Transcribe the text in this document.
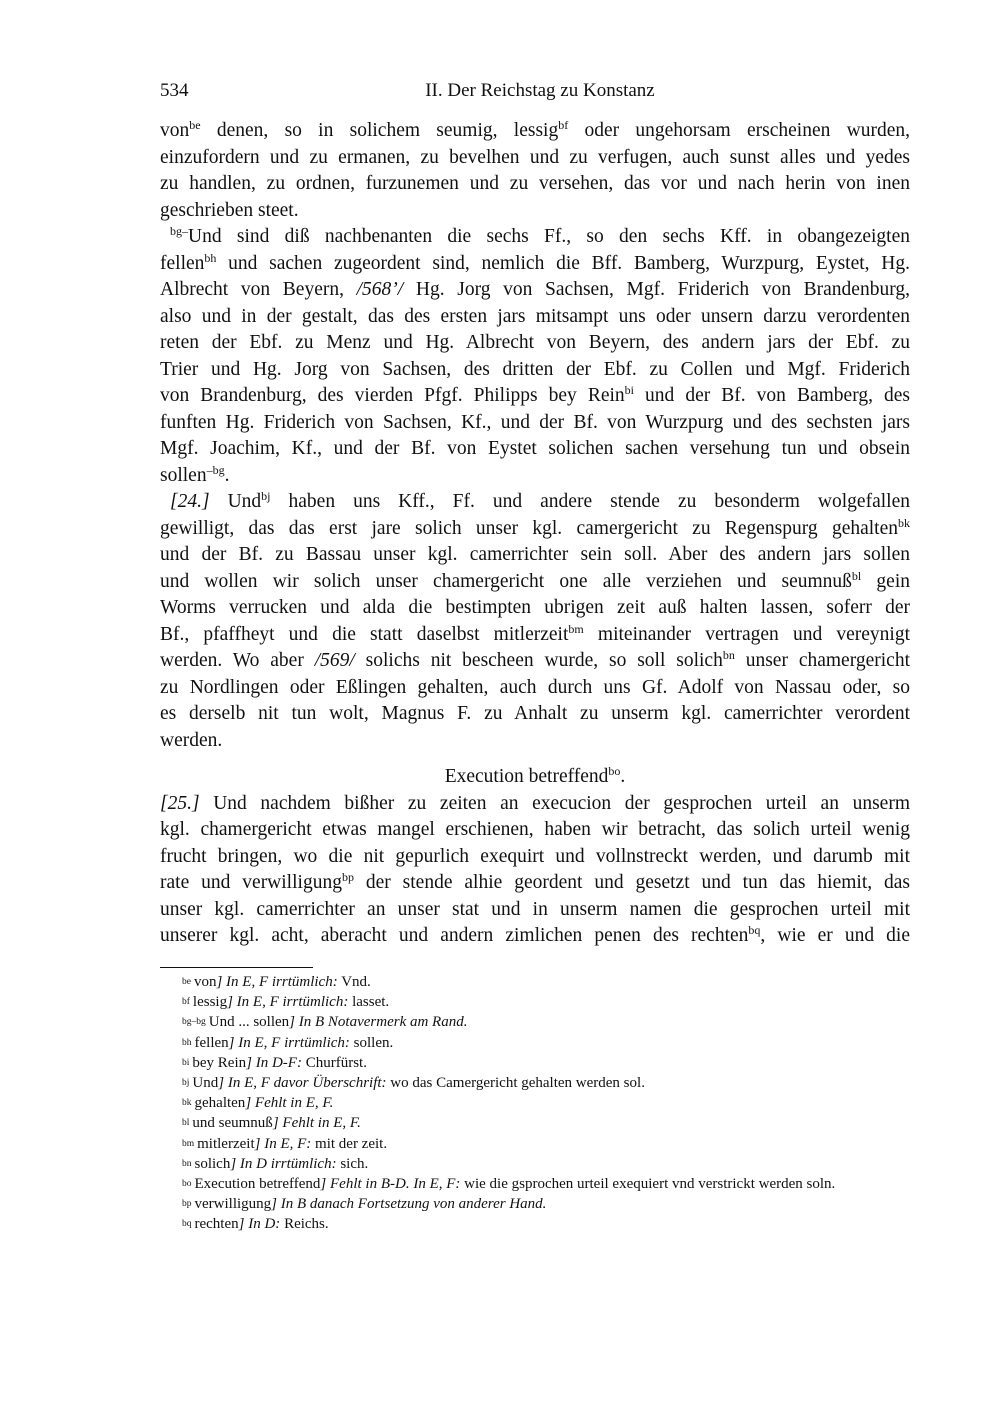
534	II. Der Reichstag zu Konstanz
von$^{be}$ denen, so in solichem seumig, lessig$^{bf}$ oder ungehorsam erscheinen wurden,
einzufordern und zu ermanen, zu bevelhen und zu verfugen, auch sunst alles und yedes
zu handlen, zu ordnen, furzunemen und zu versehen, das vor und nach herin von inen
geschrieben steet.
$^{bg-}$Und sind diß nachbenanten die sechs Ff., so den sechs Kff. in obangezeigten
fellen$^{bh}$ und sachen zugeordent sind, nemlich die Bff. Bamberg, Wurzpurg, Eystet, Hg.
Albrecht von Beyern, /568’/ Hg. Jorg von Sachsen, Mgf. Friderich von Brandenburg,
also und in der gestalt, das des ersten jars mitsampt uns oder unsern darzu verordenten
reten der Ebf. zu Menz und Hg. Albrecht von Beyern, des andern jars der Ebf. zu
Trier und Hg. Jorg von Sachsen, des dritten der Ebf. zu Collen und Mgf. Friderich
von Brandenburg, des vierden Pfgf. Philipps bey Rein$^{bi}$ und der Bf. von Bamberg, des
funften Hg. Friderich von Sachsen, Kf., und der Bf. von Wurzpurg und des sechsten jars
Mgf. Joachim, Kf., und der Bf. von Eystet solichen sachen versehung tun und obsein
sollen$^{-bg}$.
[24.] Und$^{bj}$ haben uns Kff., Ff. und andere stende zu besonderm wolgefallen
gewilligt, das das erst jare solich unser kgl. camergericht zu Regenspurg gehalten$^{bk}$
und der Bf. zu Bassau unser kgl. camerrichter sein soll. Aber des andern jars sollen
und wollen wir solich unser chamergericht one alle verziehen und seumnuß$^{bl}$ gein
Worms verrucken und alda die bestimpten ubrigen zeit auß halten lassen, soferr der
Bf., pfaffheyt und die statt daselbst mitlerzeit$^{bm}$ miteinander vertragen und vereynigt
werden. Wo aber /569/ solichs nit bescheen wurde, so soll solich$^{bn}$ unser chamergericht
zu Nordlingen oder Eßlingen gehalten, auch durch uns Gf. Adolf von Nassau oder, so
es derselb nit tun wolt, Magnus F. zu Anhalt zu unserm kgl. camerrichter verordent
werden.
Execution betreffend$^{bo}$.
[25.] Und nachdem bißher zu zeiten an execucion der gesprochen urteil an unserm
kgl. chamergericht etwas mangel erschienen, haben wir betracht, das solich urteil wenig
frucht bringen, wo die nit gepurlich exequirt und vollnstreckt werden, und darumb mit
rate und verwilligung$^{bp}$ der stende alhie geordent und gesetzt und tun das hiemit, das
unser kgl. camerrichter an unser stat und in unserm namen die gesprochen urteil mit
unserer kgl. acht, aberacht und andern zimlichen penen des rechten$^{bq}$, wie er und die
be von] In E, F irrtümlich: Vnd.
bf lessig] In E, F irrtümlich: lasset.
bg–bg Und ... sollen] In B Notavermerk am Rand.
bh fellen] In E, F irrtümlich: sollen.
bi bey Rein] In D-F: Churfürst.
bj Und] In E, F davor Überschrift: wo das Camergericht gehalten werden sol.
bk gehalten] Fehlt in E, F.
bl und seumnuß] Fehlt in E, F.
bm mitlerzeit] In E, F: mit der zeit.
bn solich] In D irrtümlich: sich.
bo Execution betreffend] Fehlt in B-D. In E, F: wie die gsprochen urteil exequiert vnd verstrickt werden soln.
bp verwilligung] In B danach Fortsetzung von anderer Hand.
bq rechten] In D: Reichs.
